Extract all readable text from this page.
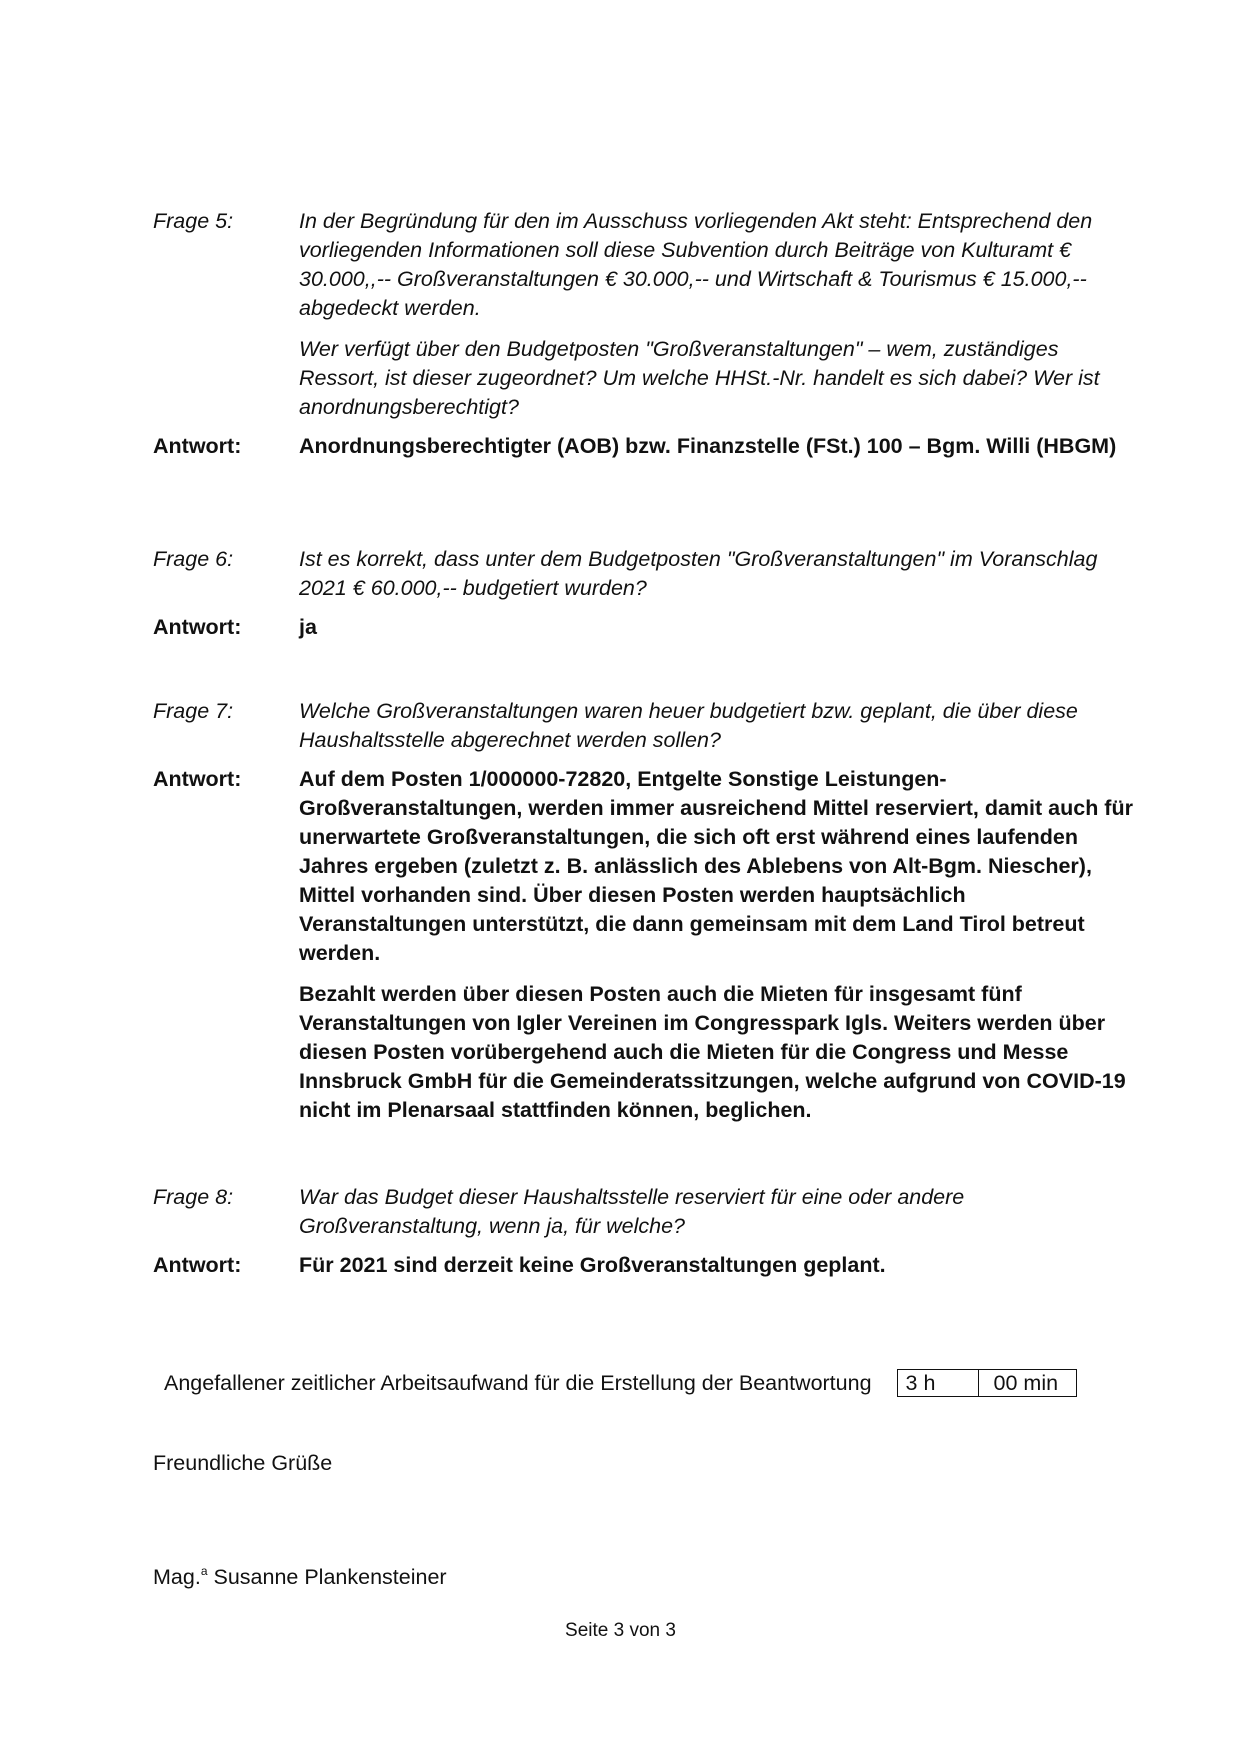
Frage 5:	In der Begründung für den im Ausschuss vorliegenden Akt steht: Entsprechend den vorliegenden Informationen soll diese Subvention durch Beiträge von Kulturamt € 30.000,,-- Großveranstaltungen € 30.000,-- und Wirtschaft & Tourismus € 15.000,-- abgedeckt werden.
Wer verfügt über den Budgetposten "Großveranstaltungen" – wem, zuständiges Ressort, ist dieser zugeordnet? Um welche HHSt.-Nr. handelt es sich dabei? Wer ist anordnungsberechtigt?
Antwort:	Anordnungsberechtigter (AOB) bzw. Finanzstelle (FSt.) 100 – Bgm. Willi (HBGM)
Frage 6:	Ist es korrekt, dass unter dem Budgetposten "Großveranstaltungen" im Voranschlag 2021 € 60.000,-- budgetiert wurden?
Antwort:	ja
Frage 7:	Welche Großveranstaltungen waren heuer budgetiert bzw. geplant, die über diese Haushaltsstelle abgerechnet werden sollen?
Antwort:	Auf dem Posten 1/000000-72820, Entgelte Sonstige Leistungen-Großveranstaltungen, werden immer ausreichend Mittel reserviert, damit auch für unerwartete Großveranstaltungen, die sich oft erst während eines laufenden Jahres ergeben (zuletzt z. B. anlässlich des Ablebens von Alt-Bgm. Niescher), Mittel vorhanden sind. Über diesen Posten werden hauptsächlich Veranstaltungen unterstützt, die dann gemeinsam mit dem Land Tirol betreut werden.
Bezahlt werden über diesen Posten auch die Mieten für insgesamt fünf Veranstaltungen von Igler Vereinen im Congresspark Igls. Weiters werden über diesen Posten vorübergehend auch die Mieten für die Congress und Messe Innsbruck GmbH für die Gemeinderatssitzungen, welche aufgrund von COVID-19 nicht im Plenarsaal stattfinden können, beglichen.
Frage 8:	War das Budget dieser Haushaltsstelle reserviert für eine oder andere Großveranstaltung, wenn ja, für welche?
Antwort:	Für 2021 sind derzeit keine Großveranstaltungen geplant.
Angefallener zeitlicher Arbeitsaufwand für die Erstellung der Beantwortung	3 h	00 min
Freundliche Grüße
Mag.$^a$ Susanne Plankensteiner
Seite 3 von 3
